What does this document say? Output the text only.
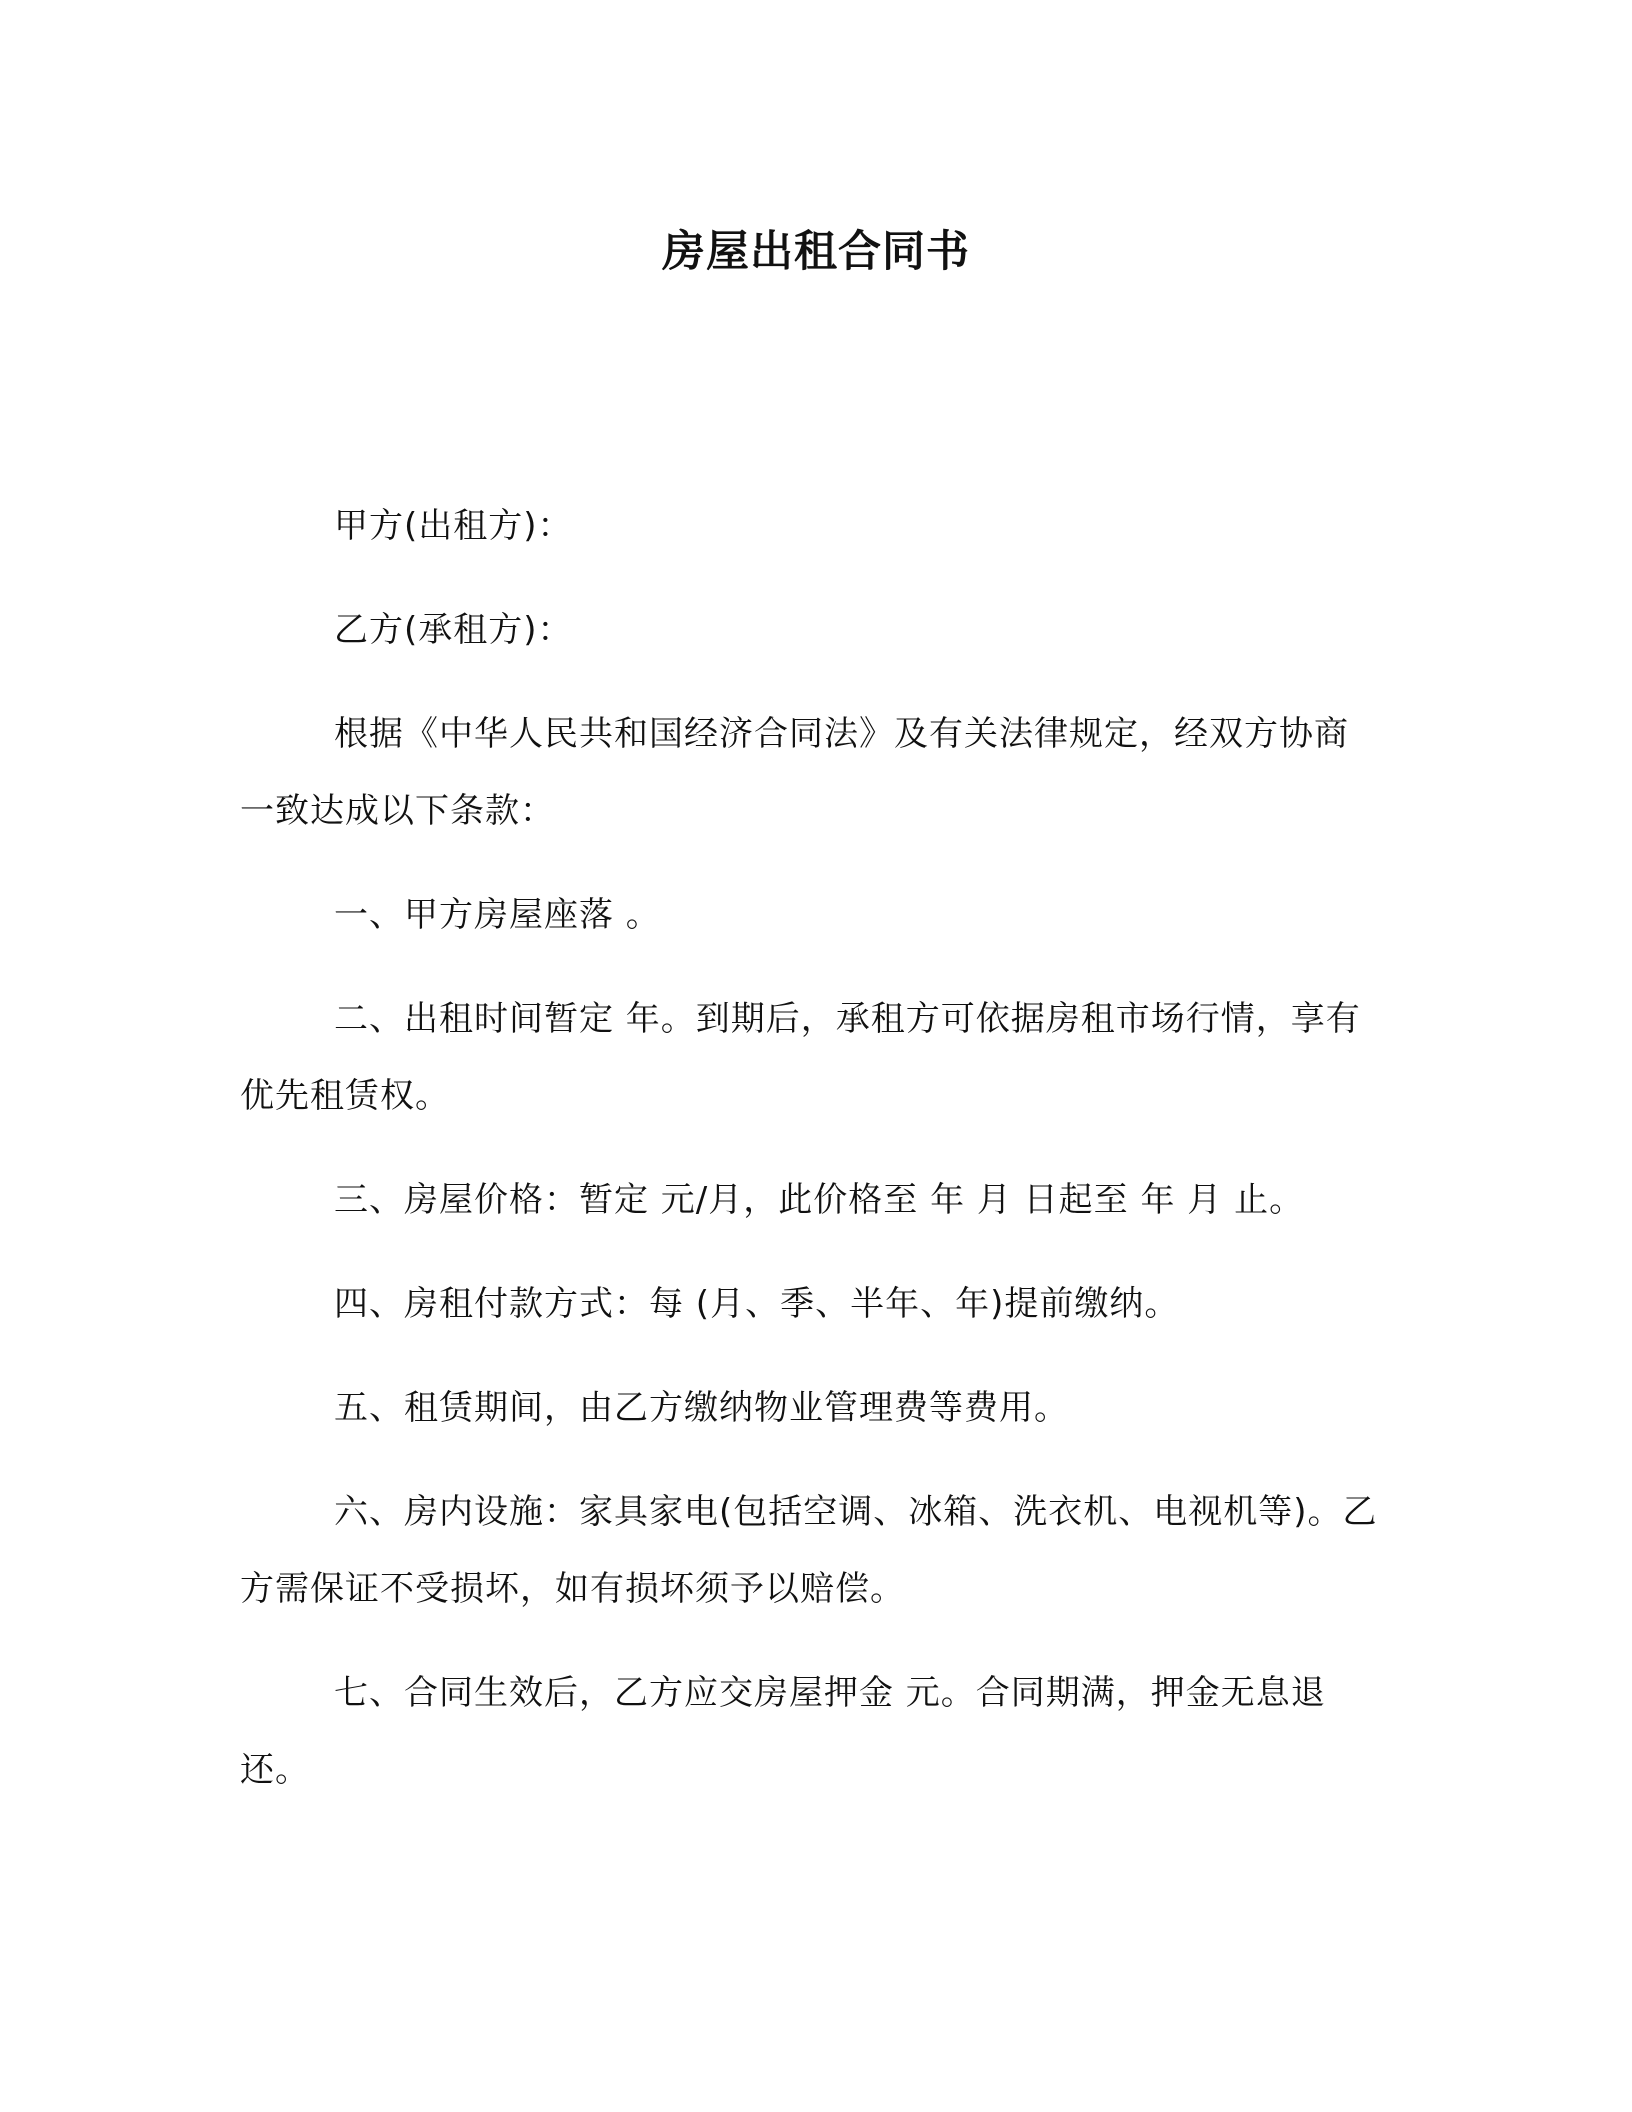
房屋出租合同书

甲方(出租方)：

乙方(承租方)：

根据《中华人民共和国经济合同法》及有关法律规定，经双方协商一致达成以下条款：

一、甲方房屋座落 。

二、出租时间暂定 年。到期后，承租方可依据房租市场行情，享有优先租赁权。

三、房屋价格：暂定 元/月，此价格至 年 月 日起至 年 月 止。

四、房租付款方式：每 (月、季、半年、年)提前缴纳。

五、租赁期间，由乙方缴纳物业管理费等费用。

六、房内设施：家具家电(包括空调、冰箱、洗衣机、电视机等)。乙方需保证不受损坏，如有损坏须予以赔偿。

七、合同生效后，乙方应交房屋押金 元。合同期满，押金无息退还。
